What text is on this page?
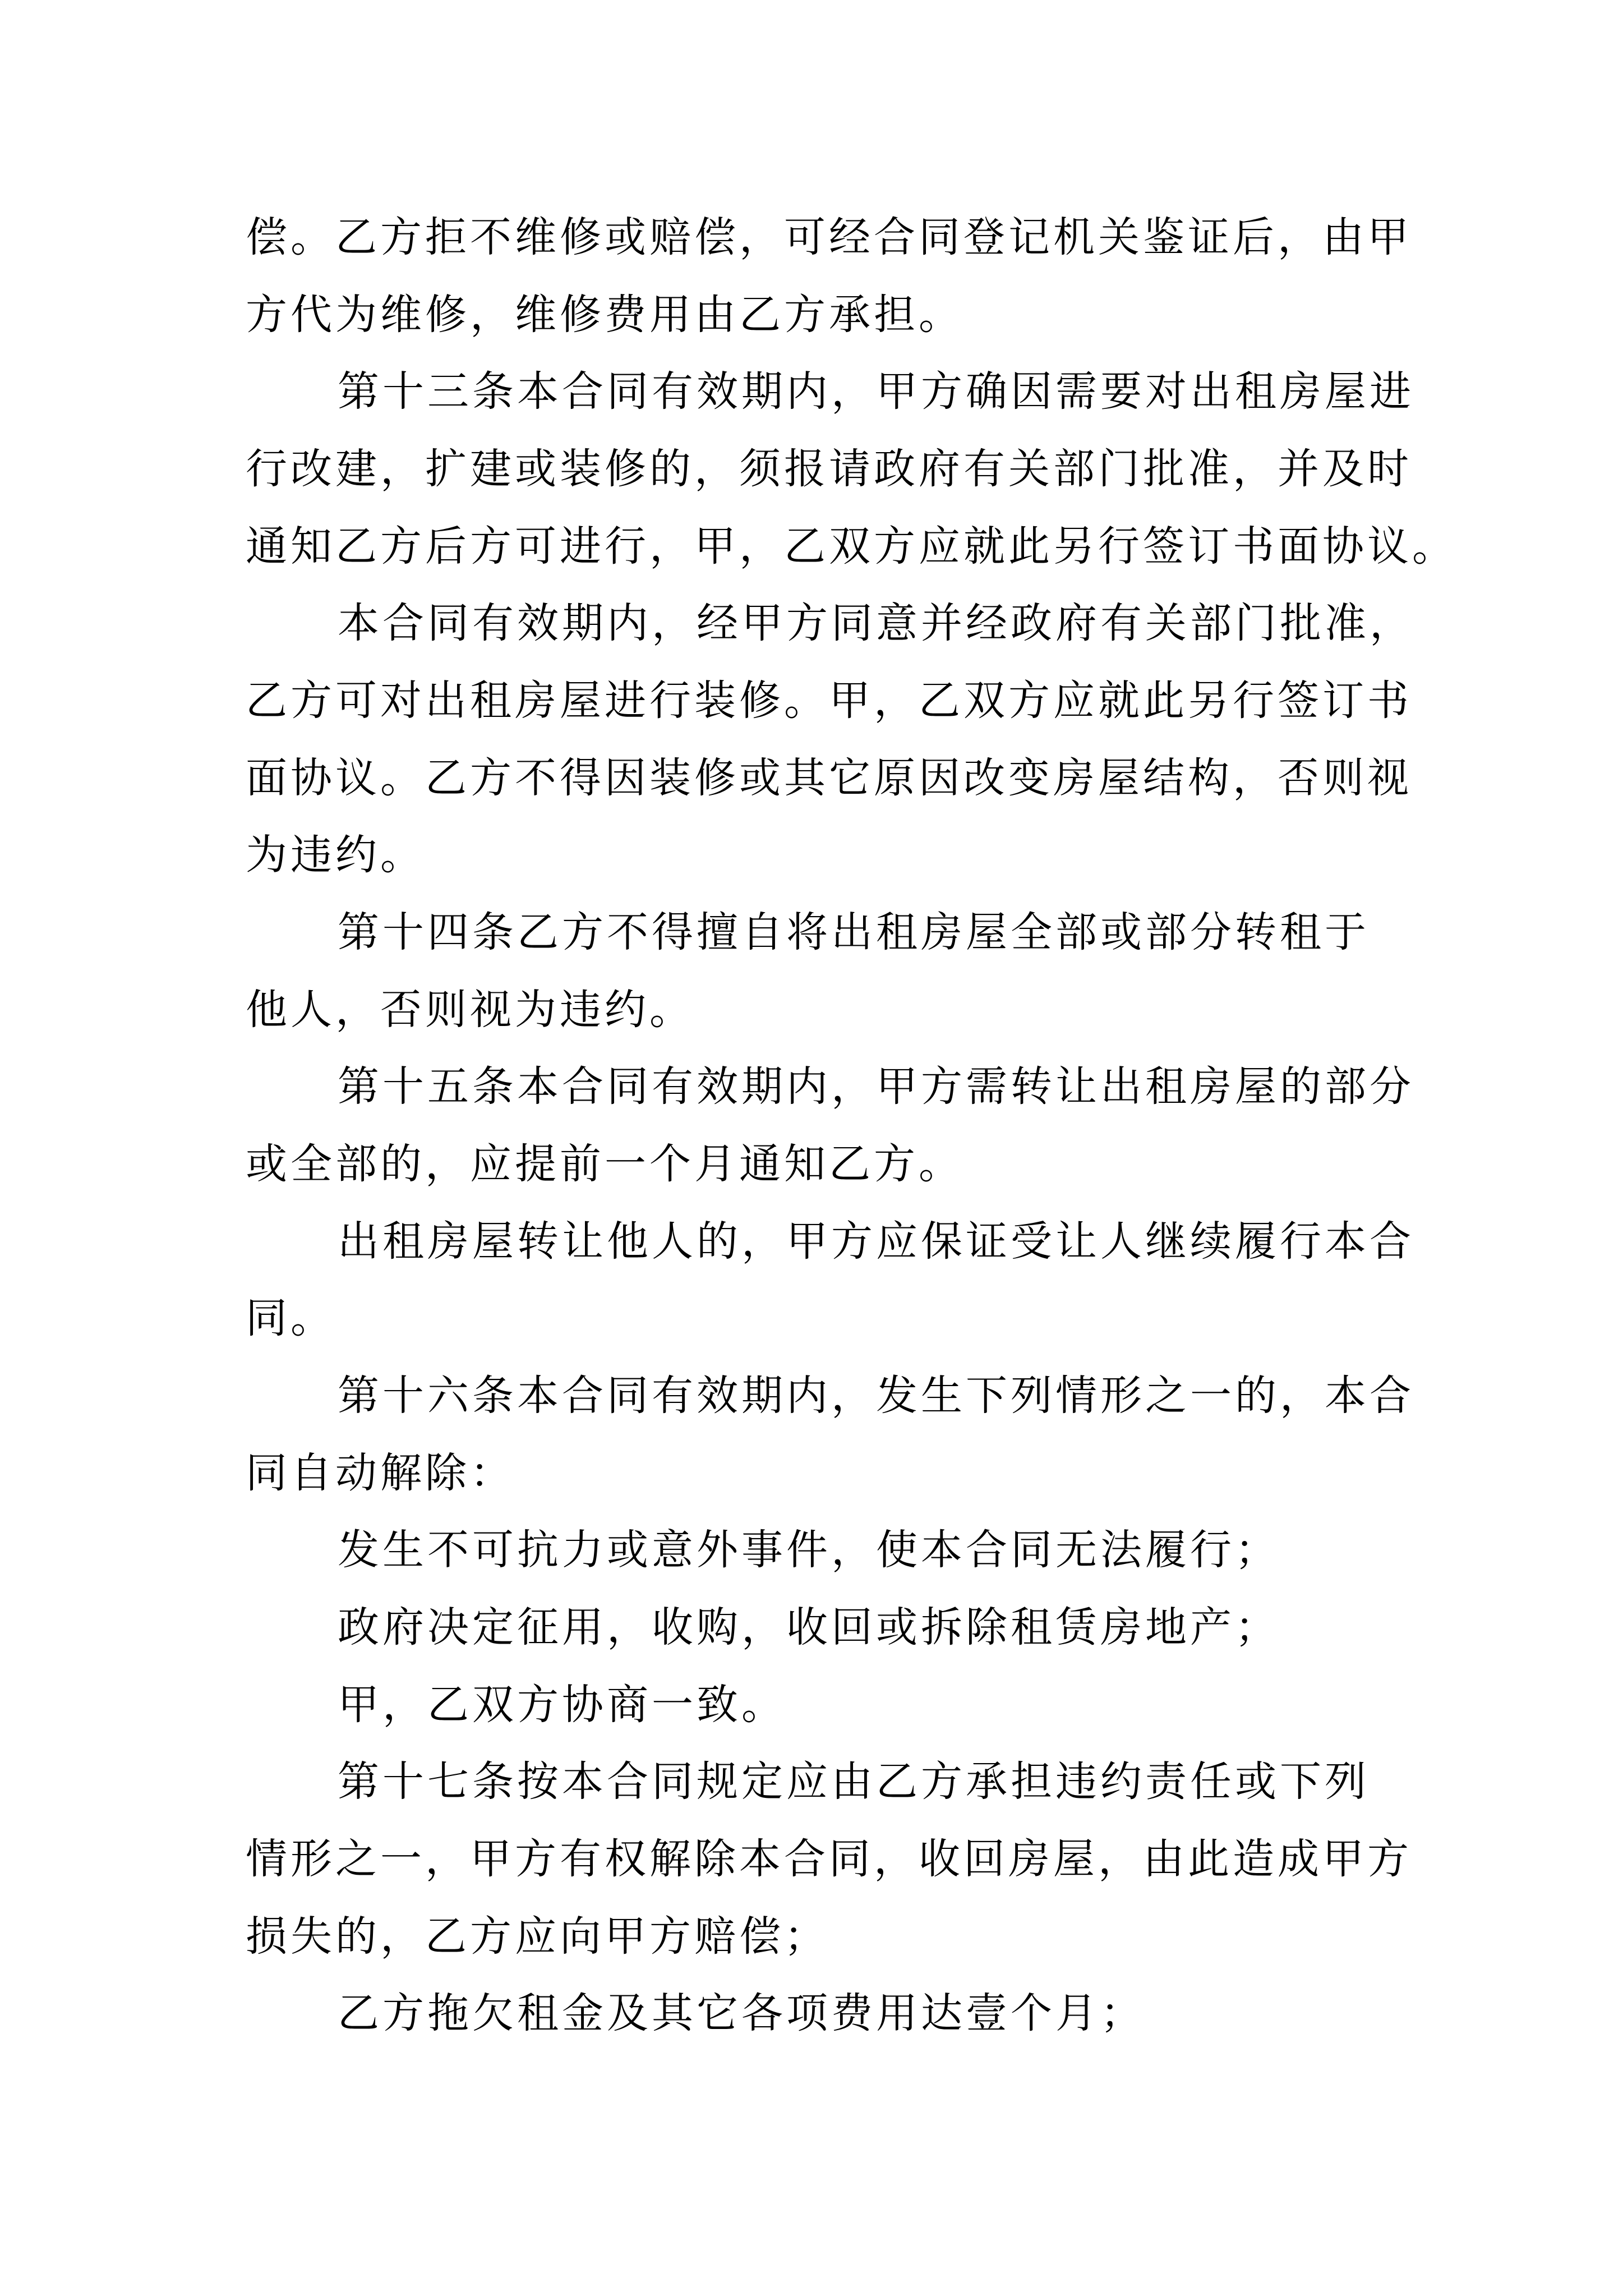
偿。乙方拒不维修或赔偿，可经合同登记机关鉴证后，由甲

方代为维修，维修费用由乙方承担。

第十三条本合同有效期内，甲方确因需要对出租房屋进

行改建，扩建或装修的，须报请政府有关部门批准，并及时

通知乙方后方可进行，甲，乙双方应就此另行签订书面协议。

本合同有效期内，经甲方同意并经政府有关部门批准，

乙方可对出租房屋进行装修。甲，乙双方应就此另行签订书

面协议。乙方不得因装修或其它原因改变房屋结构，否则视

为违约。

第十四条乙方不得擅自将出租房屋全部或部分转租于

他人，否则视为违约。

第十五条本合同有效期内，甲方需转让出租房屋的部分

或全部的，应提前一个月通知乙方。

出租房屋转让他人的，甲方应保证受让人继续履行本合

同。

第十六条本合同有效期内，发生下列情形之一的，本合

同自动解除：

发生不可抗力或意外事件，使本合同无法履行；

政府决定征用，收购，收回或拆除租赁房地产；

甲，乙双方协商一致。

第十七条按本合同规定应由乙方承担违约责任或下列

情形之一，甲方有权解除本合同，收回房屋，由此造成甲方

损失的，乙方应向甲方赔偿；

乙方拖欠租金及其它各项费用达壹个月；
